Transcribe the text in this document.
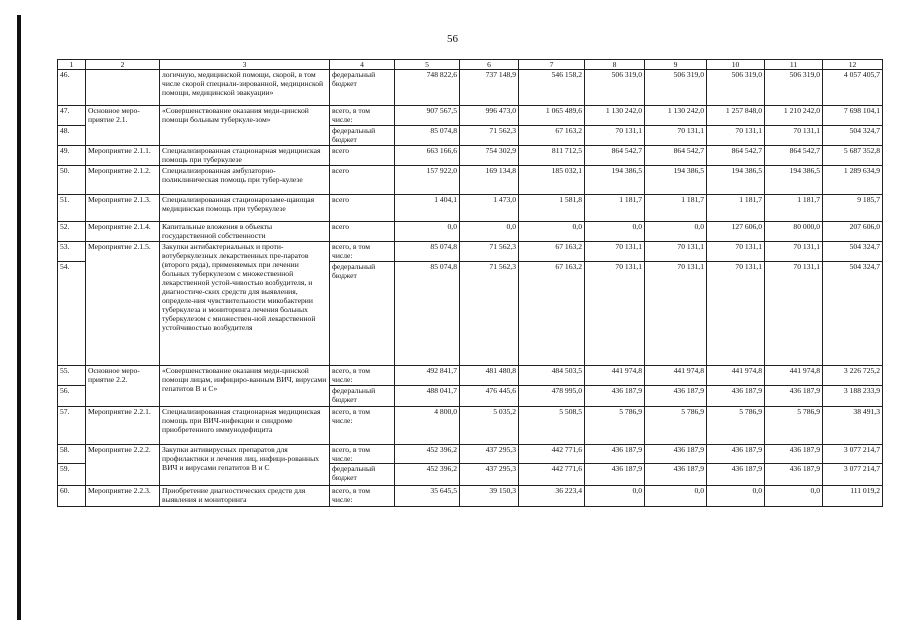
56
1	2	3	4	5	6	7	8	9	10	11	12
46.		логичную, медицинской помощи, скорой, в том числе скорой специали-зированной, медицинской помощи, медицинской эвакуации»	федеральный бюджет	748 822,6	737 148,9	546 158,2	506 319,0	506 319,0	506 319,0	506 319,0	4 057 405,7
47.	Основное меро-приятие 2.1.	«Совершенствование оказания меди-цинской помощи больным туберкуле-зом»	всего, в том числе:	907 567,5	996 473,0	1 065 489,6	1 130 242,0	1 130 242,0	1 257 848,0	1 210 242,0	7 698 104,1
48.			федеральный бюджет	85 074,8	71 562,3	67 163,2	70 131,1	70 131,1	70 131,1	70 131,1	504 324,7
49.	Мероприятие 2.1.1.	Специализированная стационарная медицинская помощь при туберкулезе	всего	663 166,6	754 302,9	811 712,5	864 542,7	864 542,7	864 542,7	864 542,7	5 687 352,8
50.	Мероприятие 2.1.2.	Специализированная амбулаторно-поликлиническая помощь при тубер-кулезе	всего	157 922,0	169 134,8	185 032,1	194 386,5	194 386,5	194 386,5	194 386,5	1 289 634,9
51.	Мероприятие 2.1.3.	Специализированная стационарозаме-щающая медицинская помощь при туберкулезе	всего	1 404,1	1 473,0	1 581,8	1 181,7	1 181,7	1 181,7	1 181,7	9 185,7
52.	Мероприятие 2.1.4.	Капитальные вложения в объекты государственной собственности	всего	0,0	0,0	0,0	0,0	0,0	127 606,0	80 000,0	207 606,0
53.	Мероприятие 2.1.5.	Закупки антибактериальных и проти-вотуберкулезных лекарственных пре-паратов (второго ряда), применяемых при лечении больных туберкулезом с множественной лекарственной устой-чивостью возбудителя, и диагностиче-ских средств для выявления, определе-ния чувствительности микобактерии туберкулеза и мониторинга лечения больных туберкулезом с множествен-ной лекарственной устойчивостью возбудителя	всего, в том числе:	85 074,8	71 562,3	67 163,2	70 131,1	70 131,1	70 131,1	70 131,1	504 324,7
54.			федеральный бюджет	85 074,8	71 562,3	67 163,2	70 131,1	70 131,1	70 131,1	70 131,1	504 324,7
55.	Основное меро-приятие 2.2.	«Совершенствование оказания меди-цинской помощи лицам, инфициро-ванным ВИЧ, вирусами гепатитов В и С»	всего, в том числе:	492 841,7	481 480,8	484 503,5	441 974,8	441 974,8	441 974,8	441 974,8	3 226 725,2
56.			федеральный бюджет	488 041,7	476 445,6	478 995,0	436 187,9	436 187,9	436 187,9	436 187,9	3 188 233,9
57.	Мероприятие 2.2.1.	Специализированная стационарная медицинская помощь при ВИЧ-инфекции и синдроме приобретенного иммунодефицита	всего, в том числе:	4 800,0	5 035,2	5 508,5	5 786,9	5 786,9	5 786,9	5 786,9	38 491,3
58.	Мероприятие 2.2.2.	Закупки антивирусных препаратов для профилактики и лечения лиц, инфици-рованных ВИЧ и вирусами гепатитов В и С	всего, в том числе:	452 396,2	437 295,3	442 771,6	436 187,9	436 187,9	436 187,9	436 187,9	3 077 214,7
59.			федеральный бюджет	452 396,2	437 295,3	442 771,6	436 187,9	436 187,9	436 187,9	436 187,9	3 077 214,7
60.	Мероприятие 2.2.3.	Приобретение диагностических средств для выявления и мониторинга	всего, в том числе:	35 645,5	39 150,3	36 223,4	0,0	0,0	0,0	0,0	111 019,2
